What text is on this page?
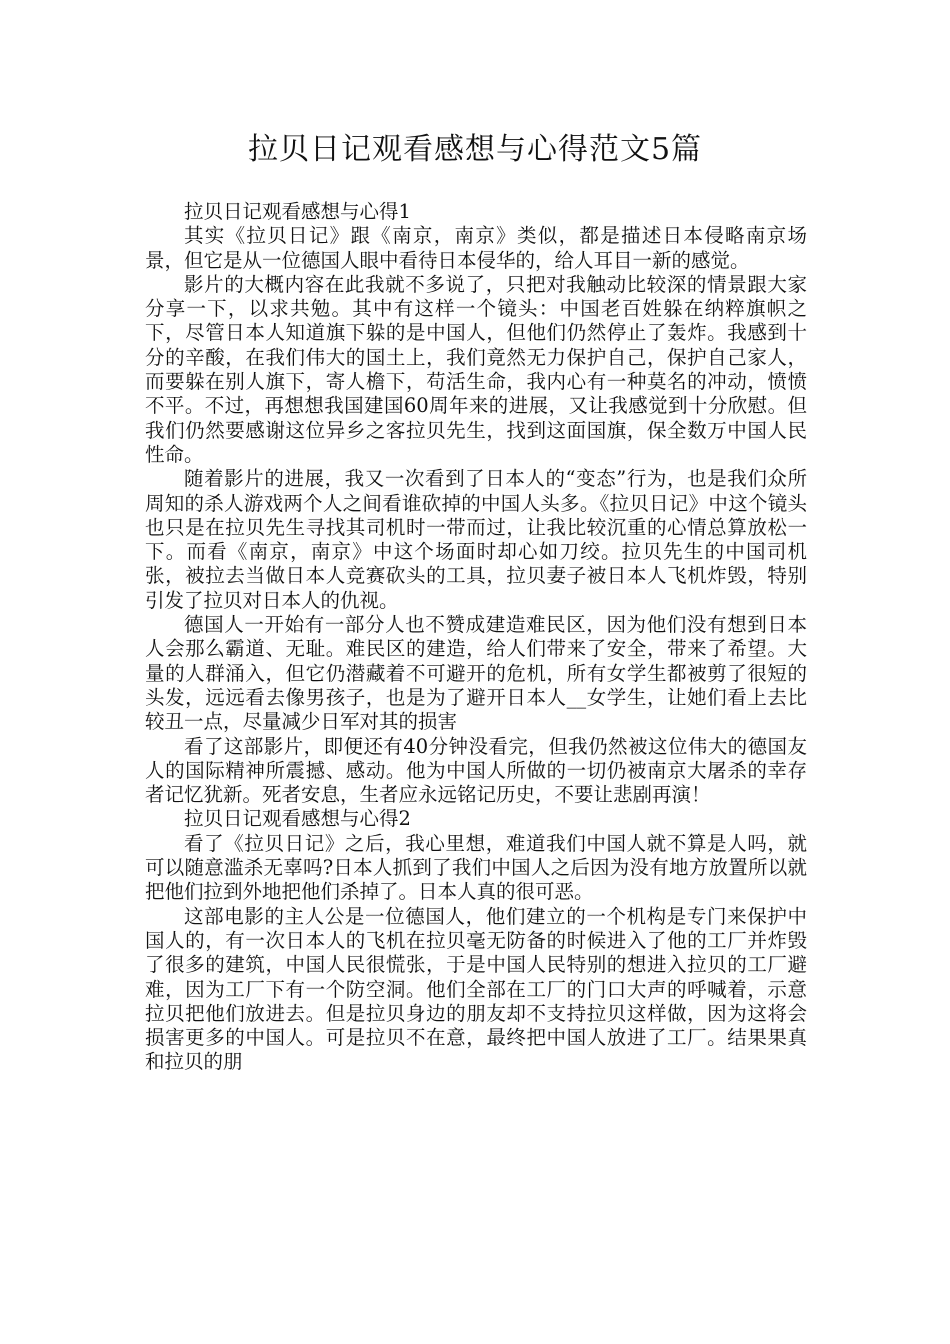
拉贝日记观看感想与心得范文5篇

拉贝日记观看感想与心得1

其实《拉贝日记》跟《南京，南京》类似，都是描述日本侵略南京场景，但它是从一位德国人眼中看待日本侵华的，给人耳目一新的感觉。

影片的大概内容在此我就不多说了，只把对我触动比较深的情景跟大家分享一下，以求共勉。其中有这样一个镜头：中国老百姓躲在纳粹旗帜之下，尽管日本人知道旗下躲的是中国人，但他们仍然停止了轰炸。我感到十分的辛酸，在我们伟大的国土上，我们竟然无力保护自己，保护自己家人，而要躲在别人旗下，寄人檐下，苟活生命，我内心有一种莫名的冲动，愤愤不平。不过，再想想我国建国60周年来的进展，又让我感觉到十分欣慰。但我们仍然要感谢这位异乡之客拉贝先生，找到这面国旗，保全数万中国人民性命。

随着影片的进展，我又一次看到了日本人的“变态”行为，也是我们众所周知的杀人游戏两个人之间看谁砍掉的中国人头多。《拉贝日记》中这个镜头也只是在拉贝先生寻找其司机时一带而过，让我比较沉重的心情总算放松一下。而看《南京，南京》中这个场面时却心如刀绞。拉贝先生的中国司机张，被拉去当做日本人竞赛砍头的工具，拉贝妻子被日本人飞机炸毁，特别引发了拉贝对日本人的仇视。

德国人一开始有一部分人也不赞成建造难民区，因为他们没有想到日本人会那么霸道、无耻。难民区的建造，给人们带来了安全，带来了希望。大量的人群涌入，但它仍潜藏着不可避开的危机，所有女学生都被剪了很短的头发，远远看去像男孩子，也是为了避开日本人__女学生，让她们看上去比较丑一点，尽量减少日军对其的损害

看了这部影片，即便还有40分钟没看完，但我仍然被这位伟大的德国友人的国际精神所震撼、感动。他为中国人所做的一切仍被南京大屠杀的幸存者记忆犹新。死者安息，生者应永远铭记历史，不要让悲剧再演！

拉贝日记观看感想与心得2

看了《拉贝日记》之后，我心里想，难道我们中国人就不算是人吗，就可以随意滥杀无辜吗?日本人抓到了我们中国人之后因为没有地方放置所以就把他们拉到外地把他们杀掉了。日本人真的很可恶。

这部电影的主人公是一位德国人，他们建立的一个机构是专门来保护中国人的，有一次日本人的飞机在拉贝毫无防备的时候进入了他的工厂并炸毁了很多的建筑，中国人民很慌张，于是中国人民特别的想进入拉贝的工厂避难，因为工厂下有一个防空洞。他们全部在工厂的门口大声的呼喊着，示意拉贝把他们放进去。但是拉贝身边的朋友却不支持拉贝这样做，因为这将会损害更多的中国人。可是拉贝不在意，最终把中国人放进了工厂。结果果真和拉贝的朋
